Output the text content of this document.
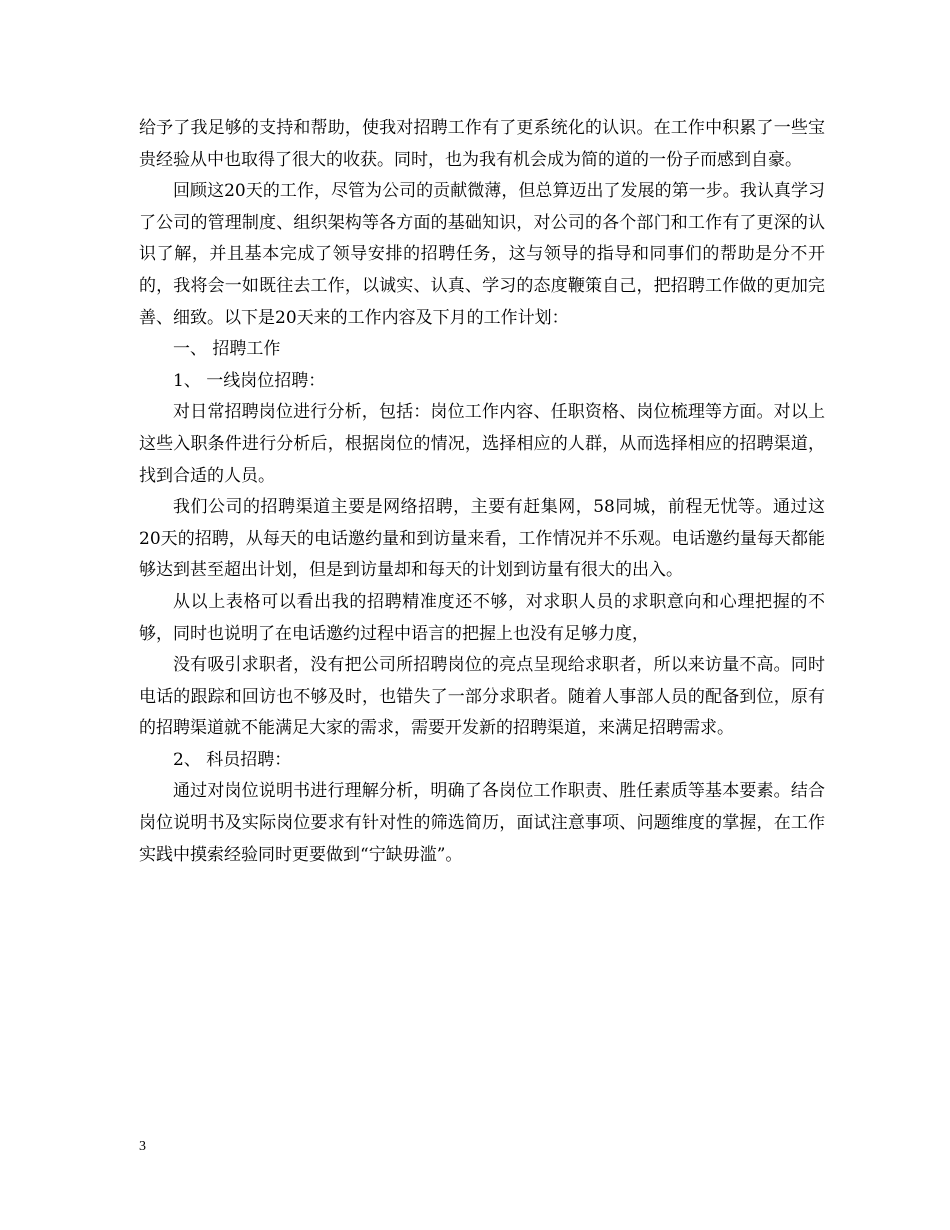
给予了我足够的支持和帮助，使我对招聘工作有了更系统化的认识。在工作中积累了一些宝贵经验从中也取得了很大的收获。同时，也为我有机会成为简的道的一份子而感到自豪。

回顾这20天的工作，尽管为公司的贡献微薄，但总算迈出了发展的第一步。我认真学习了公司的管理制度、组织架构等各方面的基础知识，对公司的各个部门和工作有了更深的认识了解，并且基本完成了领导安排的招聘任务，这与领导的指导和同事们的帮助是分不开的，我将会一如既往去工作，以诚实、认真、学习的态度鞭策自己，把招聘工作做的更加完善、细致。以下是20天来的工作内容及下月的工作计划：

一、 招聘工作

1、 一线岗位招聘：

对日常招聘岗位进行分析，包括：岗位工作内容、任职资格、岗位梳理等方面。对以上这些入职条件进行分析后，根据岗位的情况，选择相应的人群，从而选择相应的招聘渠道，找到合适的人员。

我们公司的招聘渠道主要是网络招聘，主要有赶集网，58同城，前程无忧等。通过这20天的招聘，从每天的电话邀约量和到访量来看，工作情况并不乐观。电话邀约量每天都能够达到甚至超出计划，但是到访量却和每天的计划到访量有很大的出入。

从以上表格可以看出我的招聘精准度还不够，对求职人员的求职意向和心理把握的不够，同时也说明了在电话邀约过程中语言的把握上也没有足够力度，

没有吸引求职者，没有把公司所招聘岗位的亮点呈现给求职者，所以来访量不高。同时电话的跟踪和回访也不够及时，也错失了一部分求职者。随着人事部人员的配备到位，原有的招聘渠道就不能满足大家的需求，需要开发新的招聘渠道，来满足招聘需求。

2、 科员招聘：

通过对岗位说明书进行理解分析，明确了各岗位工作职责、胜任素质等基本要素。结合岗位说明书及实际岗位要求有针对性的筛选简历，面试注意事项、问题维度的掌握，在工作实践中摸索经验同时更要做到“宁缺毋滥”。

3
